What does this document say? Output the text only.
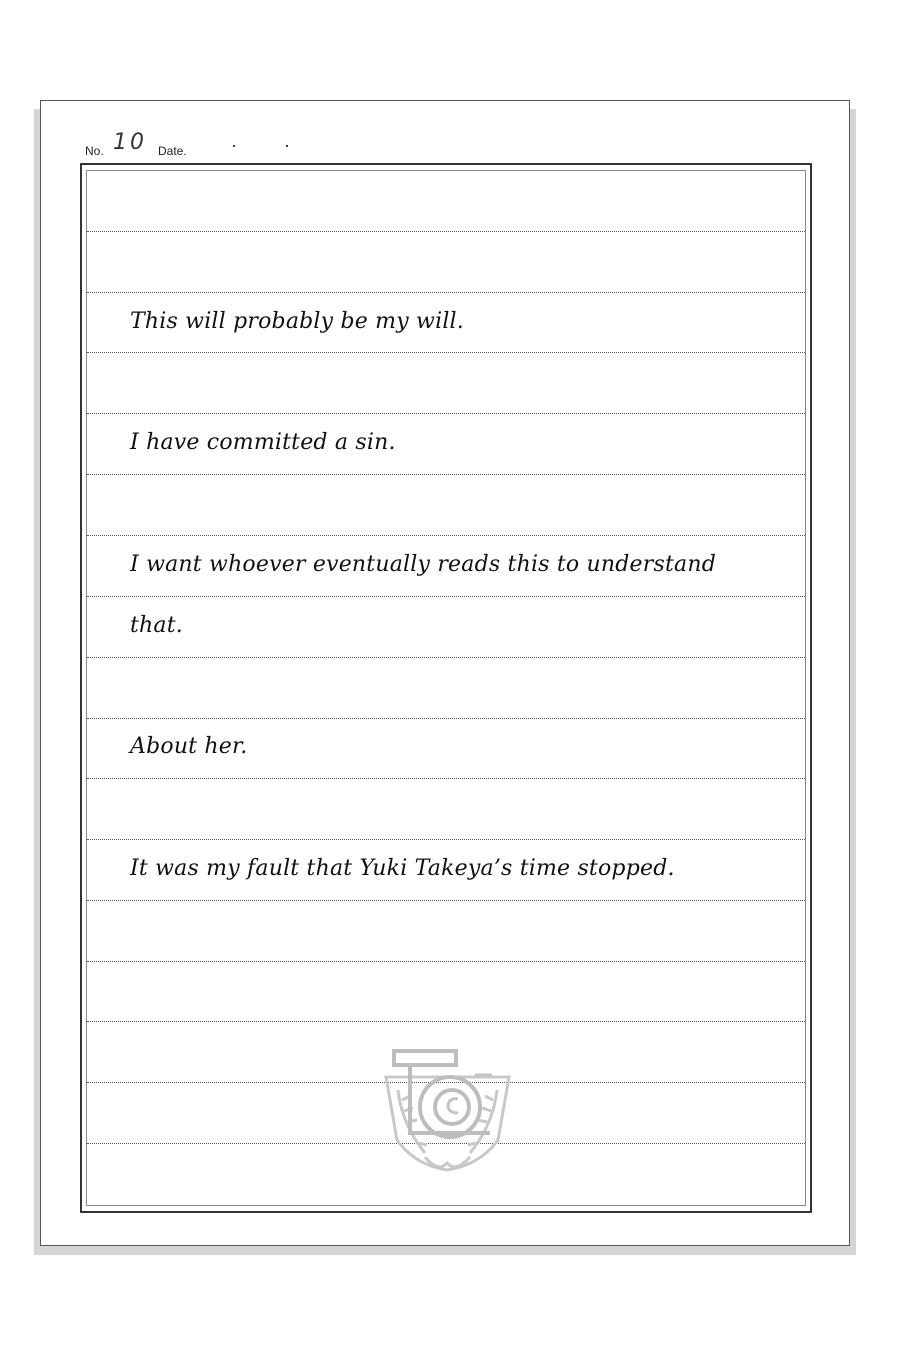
No. 10 Date. ·	·
This will probably be my will.
I have committed a sin.
I want whoever eventually reads this to understand
that.
About her.
It was my fault that Yuki Takeya’s time stopped.
